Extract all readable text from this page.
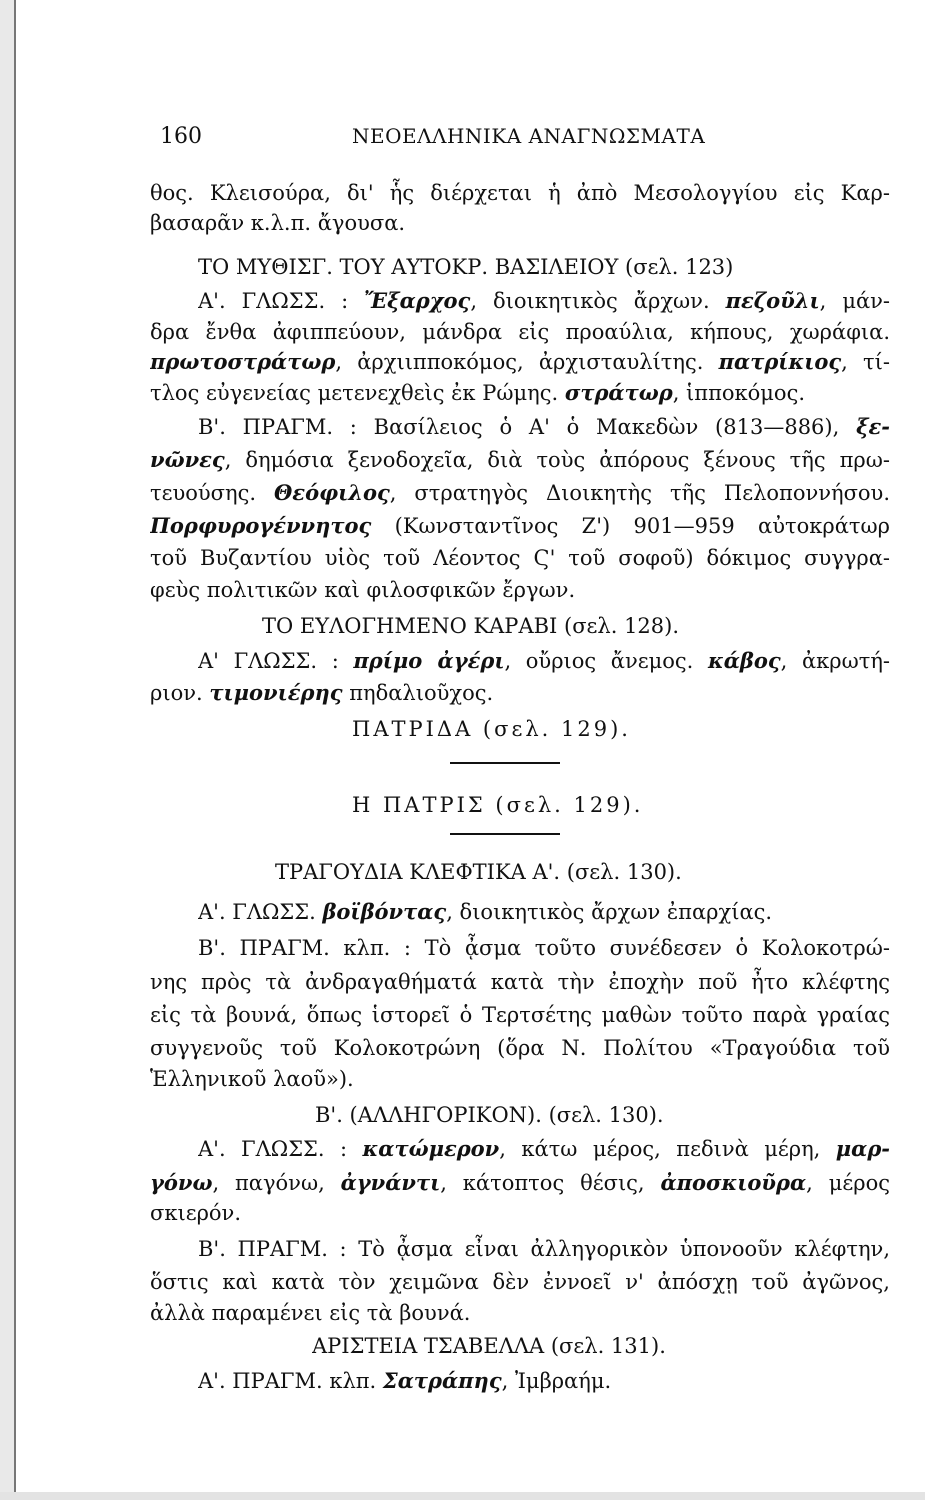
160	ΝΕΟΕΛΛΗΝΙΚΑ ΑΝΑΓΝΩΣΜΑΤΑ
θος. Κλεισούρα, δι' ἧς διέρχεται ἡ ἀπὸ Μεσολογγίου εἰς Καρ-
βασαρᾶν κ.λ.π. ἄγουσα.
ΤΟ ΜΥΘΙΣΓ. ΤΟΥ ΑΥΤΟΚΡ. ΒΑΣΙΛΕΙΟΥ (σελ. 123)
Α'. ΓΛΩΣΣ. : Ἔξαρχος, διοικητικὸς ἄρχων. πεζοῦλι, μάν-
δρα ἔνθα ἀφιππεύουν, μάνδρα εἰς προαύλια, κήπους, χωράφια.
πρωτοστράτωρ, ἀρχιιπποκόμος, ἀρχισταυλίτης. πατρίκιος, τί-
τλος εὐγενείας μετενεχθεὶς ἐκ Ρώμης. στράτωρ, ἱπποκόμος.
Β'. ΠΡΑΓΜ. : Βασίλειος ὁ Α' ὁ Μακεδὼν (813—886), ξε-
νῶνες, δημόσια ξενοδοχεῖα, διὰ τοὺς ἀπόρους ξένους τῆς πρω-
τευούσης. Θεόφιλος, στρατηγὸς Διοικητὴς τῆς Πελοποννήσου.
Πορφυρογέννητος (Κωνσταντῖνος Ζ') 901—959 αὐτοκράτωρ
τοῦ Βυζαντίου υἱὸς τοῦ Λέοντος Ϛ' τοῦ σοφοῦ) δόκιμος συγγρα-
φεὺς πολιτικῶν καὶ φιλοσφικῶν ἔργων.
ΤΟ ΕΥΛΟΓΗΜΕΝΟ ΚΑΡΑΒΙ (σελ. 128).
Α' ΓΛΩΣΣ. : πρίμο ἀγέρι, οὔριος ἄνεμος. κάβος, ἀκρωτή-
ριον. τιμονιέρης πηδαλιοῦχος.
ΠΑΤΡΙΔΑ (σελ. 129).
Η ΠΑΤΡΙΣ (σελ. 129).
ΤΡΑΓΟΥΔΙΑ ΚΛΕΦΤΙΚΑ Α'. (σελ. 130).
Α'. ΓΛΩΣΣ. βοϊβόντας, διοικητικὸς ἄρχων ἐπαρχίας.
Β'. ΠΡΑΓΜ. κλπ. : Τὸ ᾆσμα τοῦτο συνέδεσεν ὁ Κολοκοτρώ-
νης πρὸς τὰ ἀνδραγαθήματά κατὰ τὴν ἐποχὴν ποῦ ἦτο κλέφτης
εἰς τὰ βουνά, ὅπως ἱστορεῖ ὁ Τερτσέτης μαθὼν τοῦτο παρὰ γραίας
συγγενοῦς τοῦ Κολοκοτρώνη (ὅρα Ν. Πολίτου «Τραγούδια τοῦ
Ἑλληνικοῦ λαοῦ»).
Β'. (ΑΛΛΗΓΟΡΙΚΟΝ). (σελ. 130).
Α'. ΓΛΩΣΣ. : κατώμερον, κάτω μέρος, πεδινὰ μέρη, μαρ-
γόνω, παγόνω, ἀγνάντι, κάτοπτος θέσις, ἀποσκιοῦρα, μέρος
σκιερόν.
Β'. ΠΡΑΓΜ. : Τὸ ᾆσμα εἶναι ἀλληγορικὸν ὑπονοοῦν κλέφτην,
ὅστις καὶ κατὰ τὸν χειμῶνα δὲν ἐννοεῖ ν' ἀπόσχῃ τοῦ ἀγῶνος,
ἀλλὰ παραμένει εἰς τὰ βουνά.
ΑΡΙΣΤΕΙΑ ΤΣΑΒΕΛΛΑ (σελ. 131).
Α'. ΠΡΑΓΜ. κλπ. Σατράπης, Ἰμβραήμ.
